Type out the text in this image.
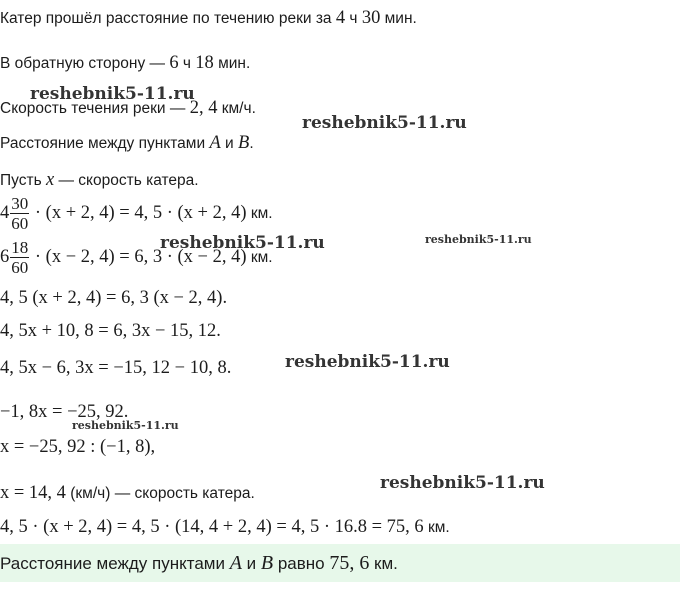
Катер прошёл расстояние по течению реки за 4 ч 30 мин.
В обратную сторону — 6 ч 18 мин.
Скорость течения реки — 2, 4 км/ч.
Расстояние между пунктами A и B.
Пусть x — скорость катера.
$4 \frac{30}{60} \cdot (x + 2$, 4) = 4, 5 · (x + 2, 4) км.
$6 \frac{18}{60} \cdot (x - 2$, 4) = 6, 3 · (x − 2, 4) км.
4, 5 (x + 2, 4) = 6, 3 (x − 2, 4).
4, 5x + 10, 8 = 6, 3x − 15, 12.
4, 5x − 6, 3x = −15, 12 − 10, 8.
−1, 8x = −25, 92.
x = −25, 92 : (−1, 8),
x = 14, 4 (км/ч) — скорость катера.
4, 5 · (x + 2, 4) = 4, 5 · (14, 4 + 2, 4) = 4, 5 · 16.8 = 75, 6 км.
Расстояние между пунктами A и B равно 75, 6 км.
reshebnik5-11.ru
reshebnik5-11.ru
reshebnik5-11.ru	reshebnik5-11.ru
reshebnik5-11.ru
reshebnik5-11.ru
reshebnik5-11.ru
